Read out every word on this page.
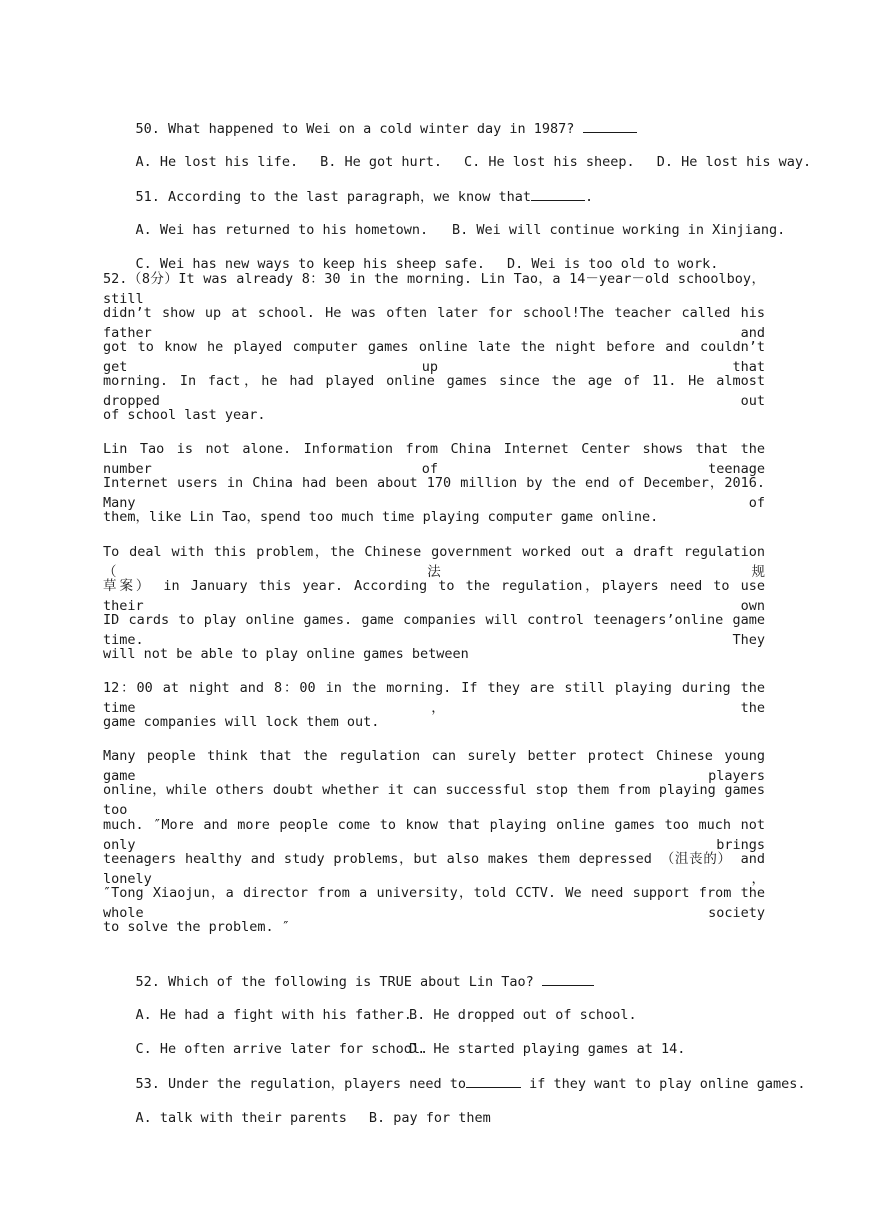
50. What happened to Wei on a cold winter day in 1987?

A. He lost his life. B. He got hurt. C. He lost his sheep. D. He lost his way.

51. According to the last paragraph，we know that	.

A. Wei has returned to his hometown. B. Wei will continue working in Xinjiang.

C. Wei has new ways to keep his sheep safe. D. Wei is too old to work.

52.（8分）It was already 8：30 in the morning. Lin Tao，a 14－year－old schoolboy，still
didn’t show up at school. He was often later for school!The teacher called his father and
got to know he played computer games online late the night before and couldn’t get up that
morning. In fact，he had played online games since the age of 11. He almost dropped out
of school last year.
Lin Tao is not alone. Information from China Internet Center shows that the number of teenage
Internet users in China had been about 170 million by the end of December，2016. Many of
them，like Lin Tao，spend too much time playing computer game online.
To deal with this problem，the Chinese government worked out a draft regulation （法规
草案） in January this year. According to the regulation，players need to use their own
ID cards to play online games. game companies will control teenagers’online game time. They
will not be able to play online games between
12：00 at night and 8：00 in the morning. If they are still playing during the time，the
game companies will lock them out.
Many people think that the regulation can surely better protect Chinese young game players
online，while others doubt whether it can successful stop them from playing games too
much. ″More and more people come to know that playing online games too much not only brings
teenagers healthy and study problems，but also makes them depressed （沮丧的） and lonely，
″Tong Xiaojun，a director from a university，told CCTV. We need support from the whole society
to solve the problem. ″

52. Which of the following is TRUE about Lin Tao?

A. He had a fight with his father.
B. He dropped out of school.

C. He often arrive later for school.
D. He started playing games at 14.

53. Under the regulation，players need to	if they want to play online games.

A. talk with their parents B. pay for them
